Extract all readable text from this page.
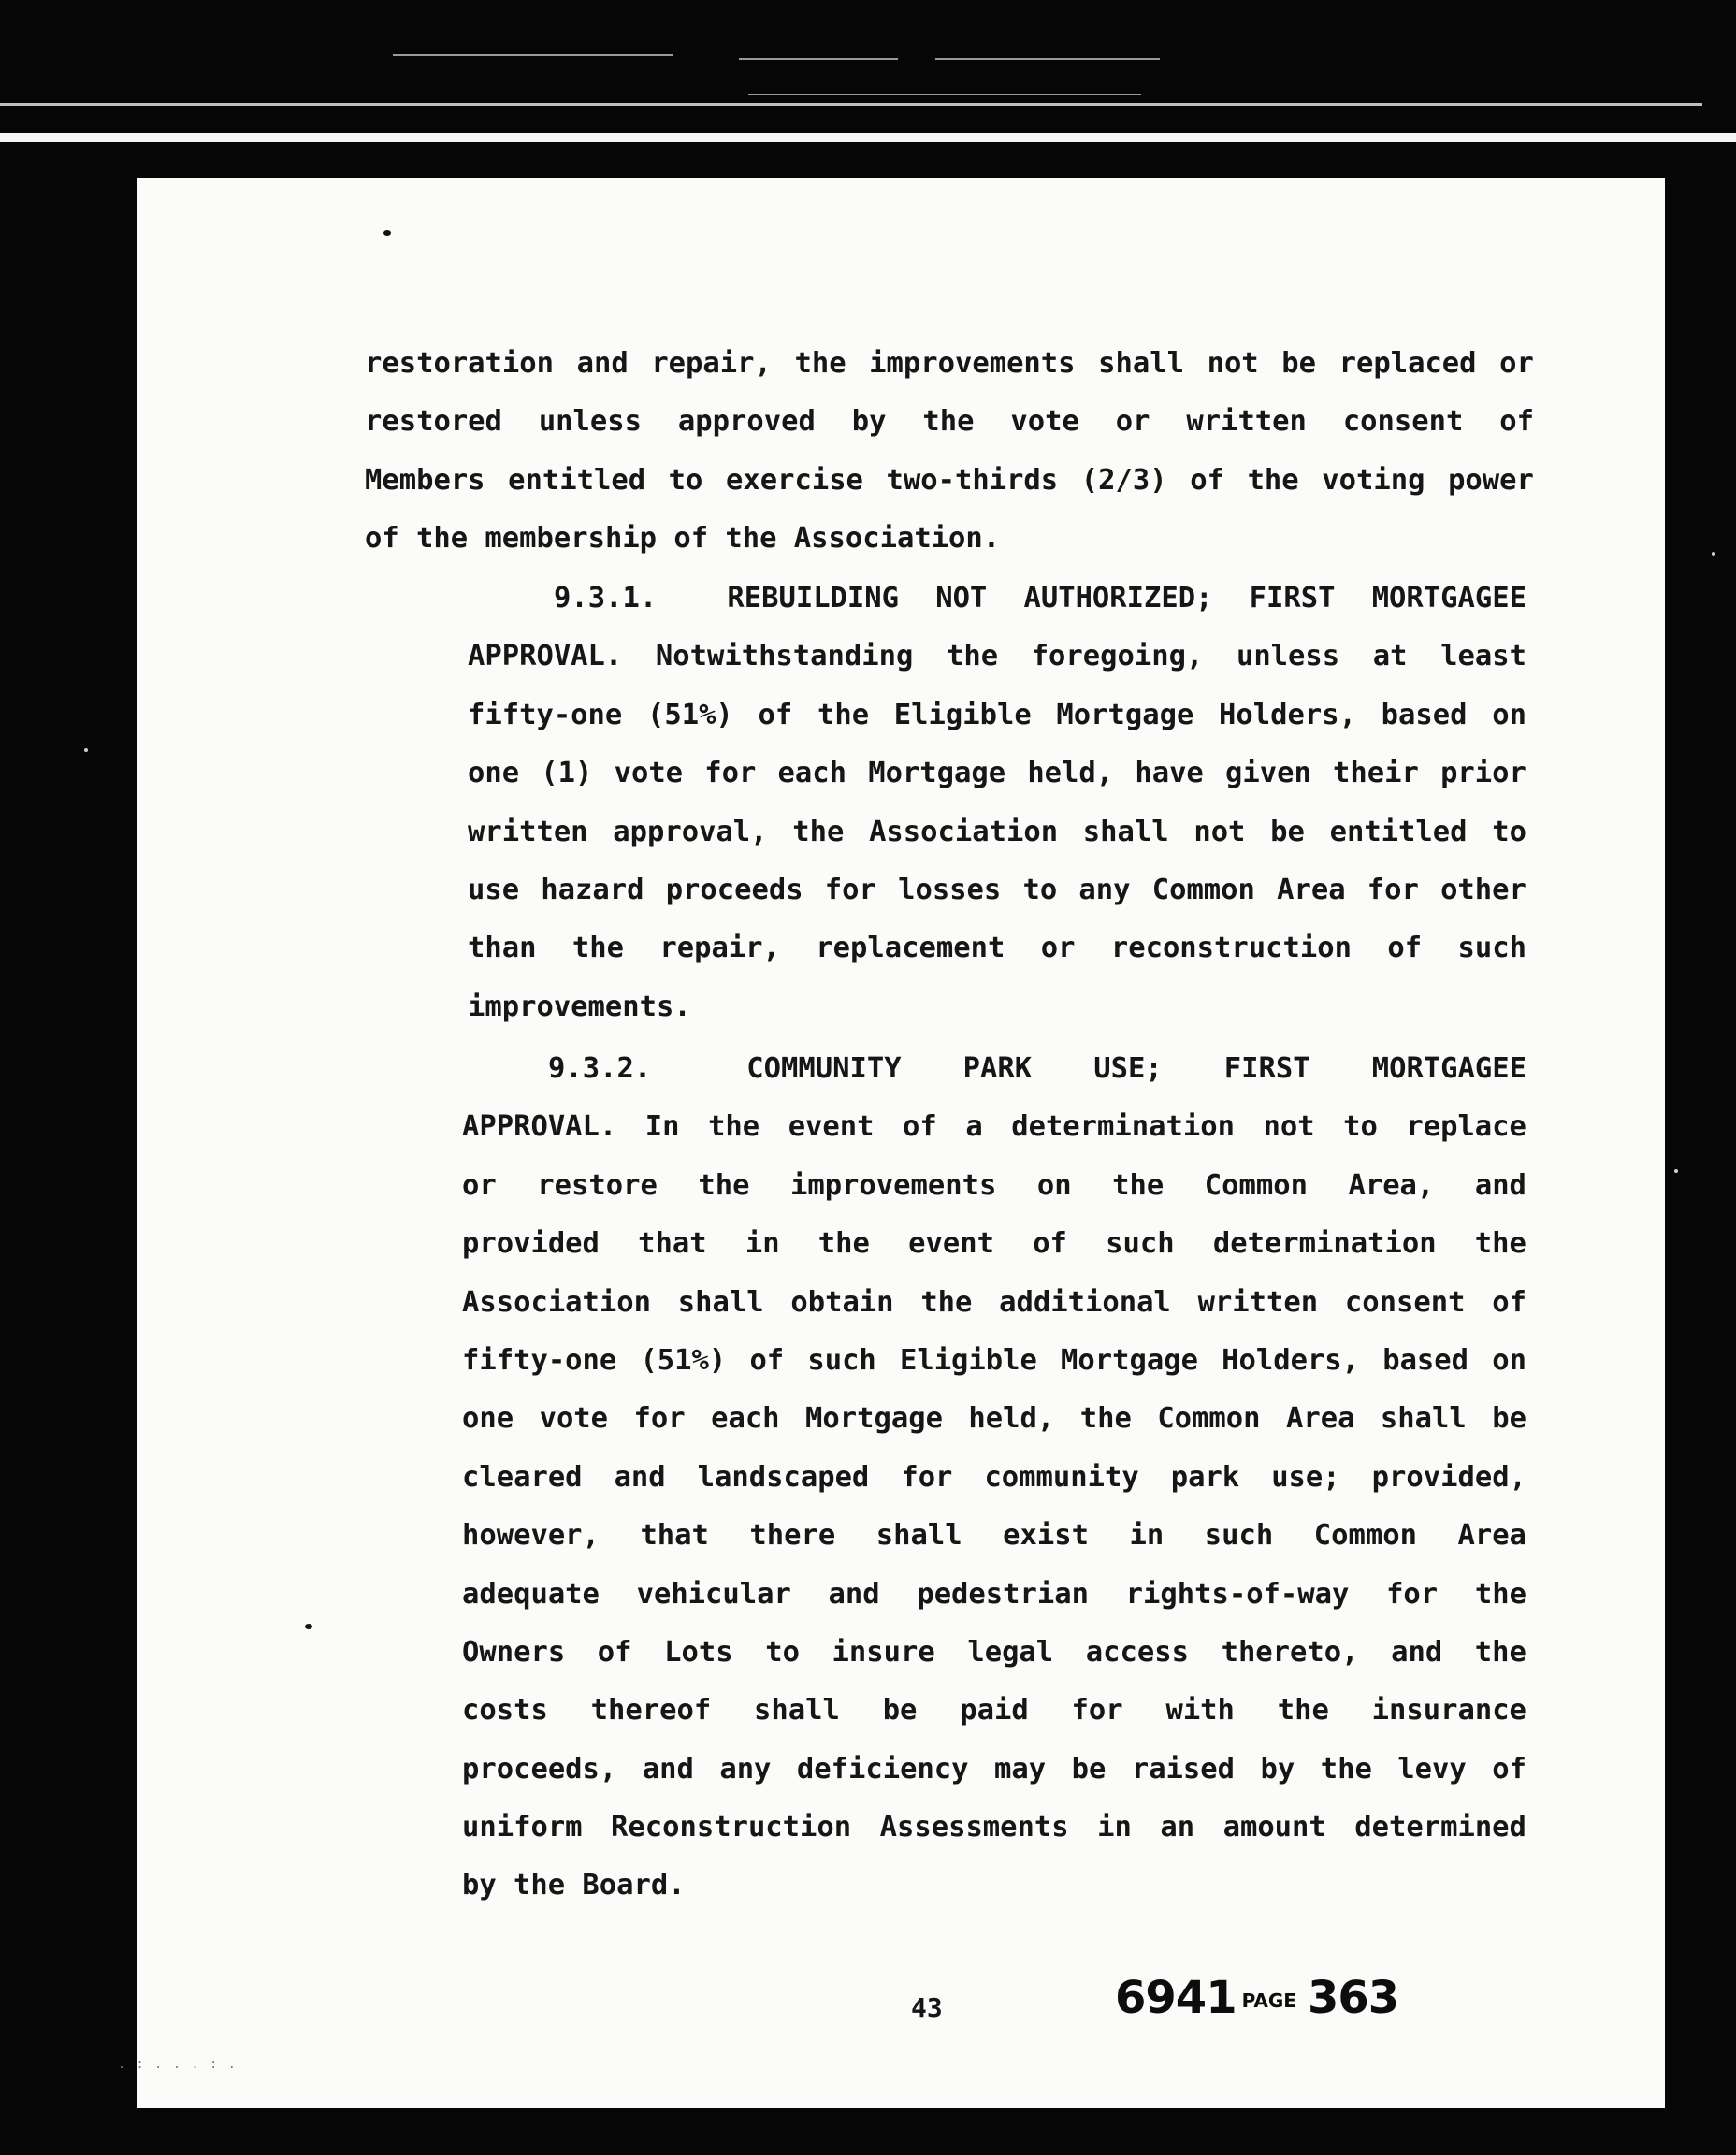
restoration and repair, the improvements shall not be replaced or
restored unless approved by the vote or written consent of
Members entitled to exercise two-thirds (2/3) of the voting power
of the membership of the Association.
9.3.1. REBUILDING NOT AUTHORIZED; FIRST MORTGAGEE
APPROVAL. Notwithstanding the foregoing, unless at least
fifty-one (51%) of the Eligible Mortgage Holders, based on
one (1) vote for each Mortgage held, have given their prior
written approval, the Association shall not be entitled to
use hazard proceeds for losses to any Common Area for other
than the repair, replacement or reconstruction of such
improvements.
9.3.2.	COMMUNITY PARK USE; FIRST MORTGAGEE
APPROVAL. In the event of a determination not to replace
or restore the improvements on the Common Area, and
provided that in the event of such determination the
Association shall obtain the additional written consent of
fifty-one (51%) of such Eligible Mortgage Holders, based on
one vote for each Mortgage held, the Common Area shall be
cleared and landscaped for community park use; provided,
however, that there shall exist in such Common Area
adequate vehicular and pedestrian rights-of-way for the
Owners of Lots to insure legal access thereto, and the
costs thereof shall be paid for with the insurance
proceeds, and any deficiency may be raised by the levy of
uniform Reconstruction Assessments in an amount determined
by the Board.
43	6941 PAGE 363
. : . . . : .
